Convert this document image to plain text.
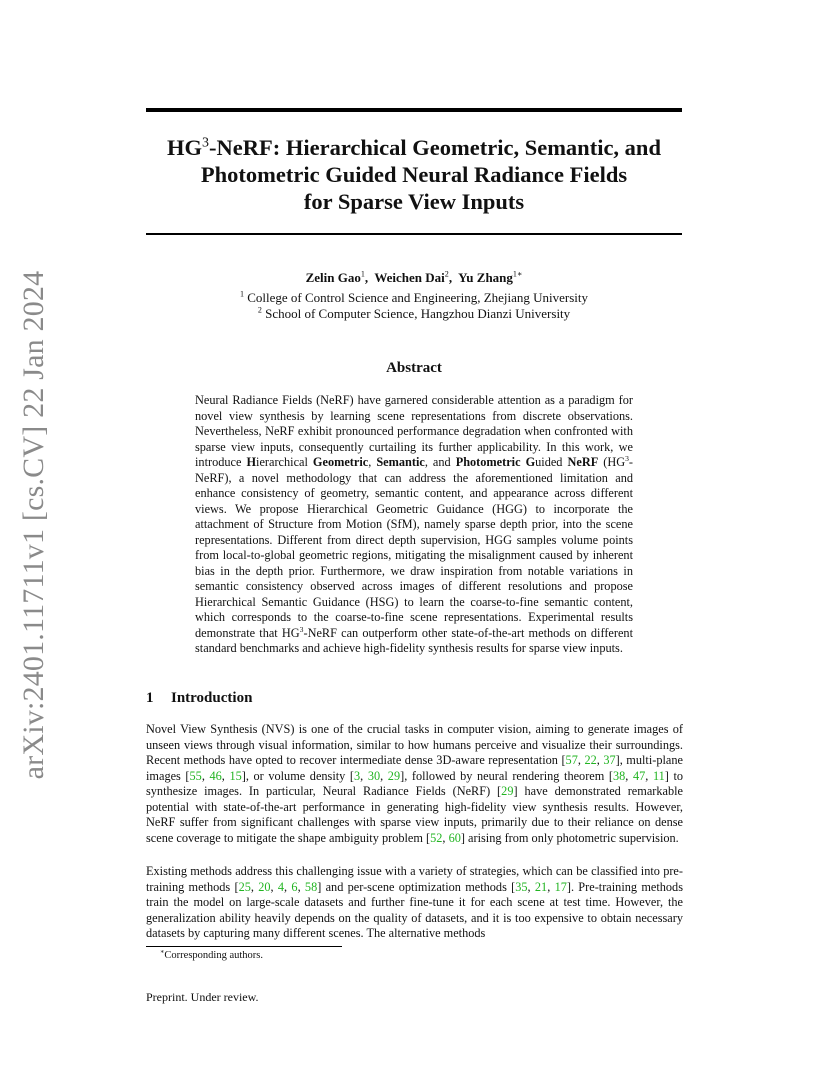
arXiv:2401.11711v1 [cs.CV] 22 Jan 2024
$HG^3$-NeRF: Hierarchical Geometric, Semantic, and
Photometric Guided Neural Radiance Fields
for Sparse View Inputs
Zelin Gao$^1$, Weichen Dai$^2$, Yu Zhang$^{1∗}$
$^1$ College of Control Science and Engineering, Zhejiang University
$^2$ School of Computer Science, Hangzhou Dianzi University
Abstract
Neural Radiance Fields (NeRF) have garnered considerable attention as a paradigm for novel view synthesis by learning scene representations from discrete observations. Nevertheless, NeRF exhibit pronounced performance degradation when confronted with sparse view inputs, consequently curtailing its further applicability. In this work, we introduce Hierarchical Geometric, Semantic, and Photometric Guided NeRF $(HG^3-NeRF)$, a novel methodology that can address the aforementioned limitation and enhance consistency of geometry, semantic content, and appearance across different views. We propose Hierarchical Geometric Guidance (HGG) to incorporate the attachment of Structure from Motion (SfM), namely sparse depth prior, into the scene representations. Different from direct depth supervision, HGG samples volume points from local-to-global geometric regions, mitigating the misalignment caused by inherent bias in the depth prior. Furthermore, we draw inspiration from notable variations in semantic consistency observed across images of different resolutions and propose Hierarchical Semantic Guidance (HSG) to learn the coarse-to-fine semantic content, which corresponds to the coarse-to-fine scene representations. Experimental results demonstrate that $HG^3$-NeRF can outperform other state-of-the-art methods on different standard benchmarks and achieve high-fidelity synthesis results for sparse view inputs.
1 Introduction
Novel View Synthesis (NVS) is one of the crucial tasks in computer vision, aiming to generate images of unseen views through visual information, similar to how humans perceive and visualize their surroundings. Recent methods have opted to recover intermediate dense 3D-aware representation [57, 22, 37], multi-plane images [55, 46, 15], or volume density [3, 30, 29], followed by neural rendering theorem [38, 47, 11] to synthesize images. In particular, Neural Radiance Fields (NeRF) [29] have demonstrated remarkable potential with state-of-the-art performance in generating high-fidelity view synthesis results. However, NeRF suffer from significant challenges with sparse view inputs, primarily due to their reliance on dense scene coverage to mitigate the shape ambiguity problem [52, 60] arising from only photometric supervision.
Existing methods address this challenging issue with a variety of strategies, which can be classified into pre-training methods [25, 20, 4, 6, 58] and per-scene optimization methods [35, 21, 17]. Pre-training methods train the model on large-scale datasets and further fine-tune it for each scene at test time. However, the generalization ability heavily depends on the quality of datasets, and it is too expensive to obtain necessary datasets by capturing many different scenes. The alternative methods
∗Corresponding authors.
Preprint. Under review.
